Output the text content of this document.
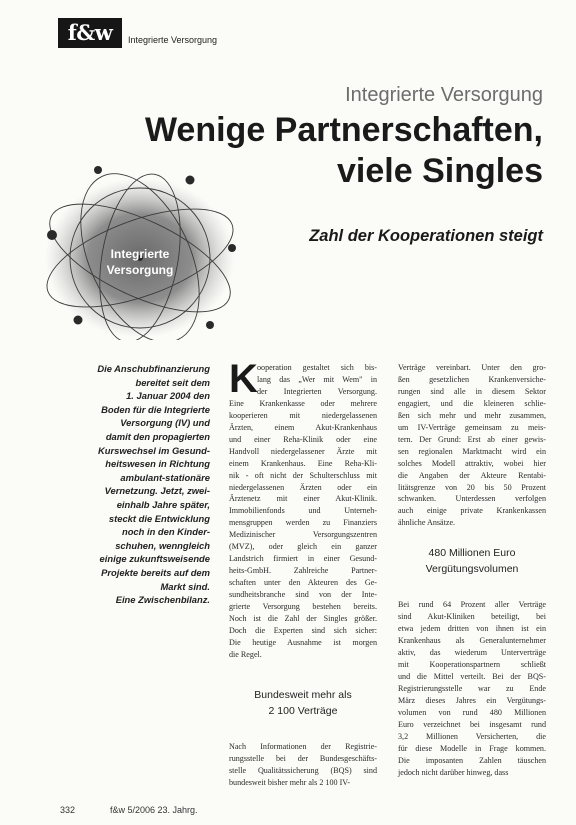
f&w	Integrierte Versorgung
Integrierte
Versorgung
Integrierte Versorgung
Wenige Partnerschaften,
viele Singles
Zahl der Kooperationen steigt
Die Anschubfinanzierung
bereitet seit dem
1. Januar 2004 den
Boden für die Integrierte
Versorgung (IV) und
damit den propagierten
Kurswechsel im Gesund-
heitswesen in Richtung
ambulant-stationäre
Vernetzung. Jetzt, zwei-
einhalb Jahre später,
steckt die Entwicklung
noch in den Kinder-
schuhen, wenngleich
einige zukunftsweisende
Projekte bereits auf dem
Markt sind.
Eine Zwischenbilanz.
K ooperation gestaltet sich bis-
lang das „Wer mit Wem" in
der Integrierten Versorgung.
Eine Krankenkasse oder mehrere
kooperieren mit niedergelassenen
Ärzten, einem Akut-Krankenhaus
und einer Reha-Klinik oder eine
Handvoll niedergelassener Ärzte mit
einem Krankenhaus. Eine Reha-Kli-
nik - oft nicht der Schulterschluss mit
niedergelassenen Ärzten oder ein
Ärztenetz mit einer Akut-Klinik.
Immobilienfonds und Unterneh-
mensgruppen werden zu Finanziers
Medizinischer Versorgungszentren
(MVZ), oder gleich ein ganzer
Landstrich firmiert in einer Gesund-
heits-GmbH. Zahlreiche Partner-
schaften unter den Akteuren des Ge-
sundheitsbranche sind von der Inte-
grierte Versorgung bestehen bereits.
Noch ist die Zahl der Singles größer.
Doch die Experten sind sich sicher:
Die heutige Ausnahme ist morgen
die Regel.
Bundesweit mehr als
2 100 Verträge
Nach Informationen der Registrie-
rungsstelle bei der Bundesgeschäfts-
stelle Qualitätssicherung (BQS) sind
bundesweit bisher mehr als 2 100 IV-
Verträge vereinbart. Unter den gro-
ßen gesetzlichen Krankenversiche-
rungen sind alle in diesem Sektor
engagiert, und die kleineren schlie-
ßen sich mehr und mehr zusammen,
um IV-Verträge gemeinsam zu meis-
tern. Der Grund: Erst ab einer gewis-
sen regionalen Marktmacht wird ein
solches Modell attraktiv, wobei hier
die Angaben der Akteure Rentabi-
litätsgrenze von 20 bis 50 Prozent
schwanken. Unterdessen verfolgen
auch einige private Krankenkassen
ähnliche Ansätze.
480 Millionen Euro
Vergütungsvolumen
Bei rund 64 Prozent aller Verträge
sind Akut-Kliniken beteiligt, bei
etwa jedem dritten von ihnen ist ein
Krankenhaus als Generalunternehmer
aktiv, das wiederum Unterverträge
mit Kooperationspartnern schließt
und die Mittel verteilt. Bei der BQS-
Registrierungsstelle war zu Ende
März dieses Jahres ein Vergütungs-
volumen von rund 480 Millionen
Euro verzeichnet bei insgesamt rund
3,2 Millionen Versicherten, die
für diese Modelle in Frage kommen.
Die imposanten Zahlen täuschen
jedoch nicht darüber hinweg, dass
332	f&w 5/2006 23. Jahrg.
